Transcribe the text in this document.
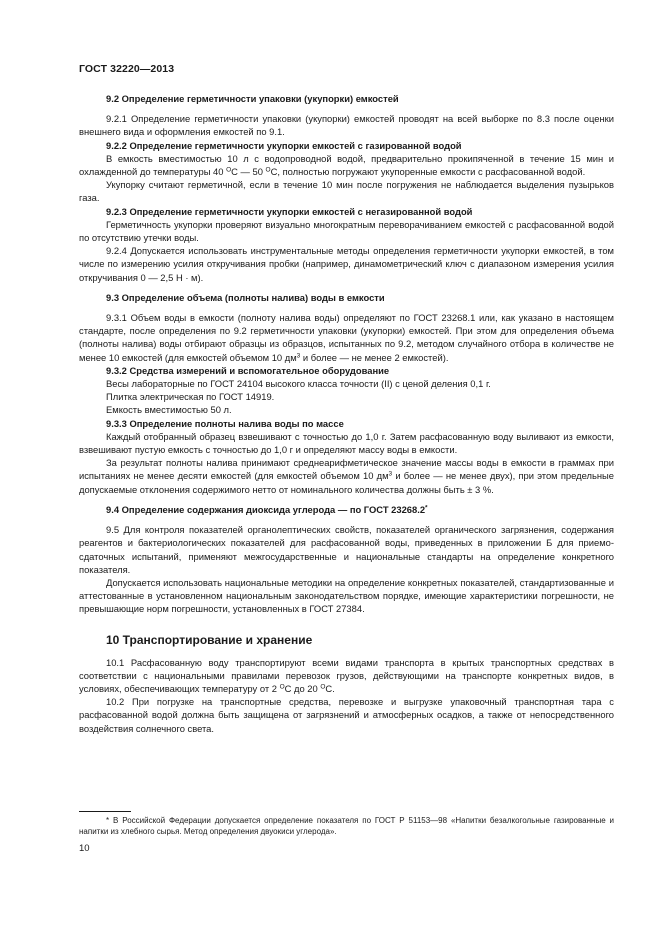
ГОСТ 32220—2013

9.2 Определение герметичности упаковки (укупорки) емкостей

9.2.1 Определение герметичности упаковки (укупорки) емкостей проводят на всей выборке по 8.3 после оценки внешнего вида и оформления емкостей по 9.1.

9.2.2 Определение герметичности укупорки емкостей с газированной водой

В емкость вместимостью 10 л с водопроводной водой, предварительно прокипяченной в течение 15 мин и охлажденной до температуры 40 $^О$С — 50 $^О$С, полностью погружают укупоренные емкости с расфасованной водой.

Укупорку считают герметичной, если в течение 10 мин после погружения не наблюдается выделения пузырьков газа.

9.2.3 Определение герметичности укупорки емкостей с негазированной водой

Герметичность укупорки проверяют визуально многократным переворачиванием емкостей с расфасованной водой по отсутствию утечки воды.

9.2.4 Допускается использовать инструментальные методы определения герметичности укупорки емкостей, в том числе по измерению усилия откручивания пробки (например, динамометрический ключ с диапазоном измерения усилия откручивания 0 — 2,5 Н · м).

9.3 Определение объема (полноты налива) воды в емкости

9.3.1 Объем воды в емкости (полноту налива воды) определяют по ГОСТ 23268.1 или, как указано в настоящем стандарте, после определения по 9.2 герметичности упаковки (укупорки) емкостей. При этом для определения объема (полноты налива) воды отбирают образцы из образцов, испытанных по 9.2, методом случайного отбора в количестве не менее 10 емкостей (для емкостей объемом 10 $дм^3$ и более — не менее 2 емкостей).

9.3.2 Средства измерений и вспомогательное оборудование

Весы лабораторные по ГОСТ 24104 высокого класса точности (II) с ценой деления 0,1 г.

Плитка электрическая по ГОСТ 14919.

Емкость вместимостью 50 л.

9.3.3 Определение полноты налива воды по массе

Каждый отобранный образец взвешивают с точностью до 1,0 г. Затем расфасованную воду выливают из емкости, взвешивают пустую емкость с точностью до 1,0 г и определяют массу воды в емкости.

За результат полноты налива принимают среднеарифметическое значение массы воды в емкости в граммах при испытаниях не менее десяти емкостей (для емкостей объемом 10 $дм^3$ и более — не менее двух), при этом предельные допускаемые отклонения содержимого нетто от номинального количества должны быть ± 3 %.

9.4 Определение содержания диоксида углерода — по ГОСТ 23268.2*

9.5 Для контроля показателей органолептических свойств, показателей органического загрязнения, содержания реагентов и бактериологических показателей для расфасованной воды, приведенных в приложении Б для приемо-сдаточных испытаний, применяют межгосударственные и национальные стандарты на определение конкретного показателя.

Допускается использовать национальные методики на определение конкретных показателей, стандартизованные и аттестованные в установленном национальным законодательством порядке, имеющие характеристики погрешности, не превышающие норм погрешности, установленных в ГОСТ 27384.

10 Транспортирование и хранение

10.1 Расфасованную воду транспортируют всеми видами транспорта в крытых транспортных средствах в соответствии с национальными правилами перевозок грузов, действующими на транспорте конкретных видов, в условиях, обеспечивающих температуру от 2 $^О$С до 20 $^О$С.

10.2 При погрузке на транспортные средства, перевозке и выгрузке упаковочный транспортная тара с расфасованной водой должна быть защищена от загрязнений и атмосферных осадков, а также от непосредственного воздействия солнечного света.

* В Российской Федерации допускается определение показателя по ГОСТ Р 51153—98 «Напитки безалкогольные газированные и напитки из хлебного сырья. Метод определения двуокиси углерода».

10
